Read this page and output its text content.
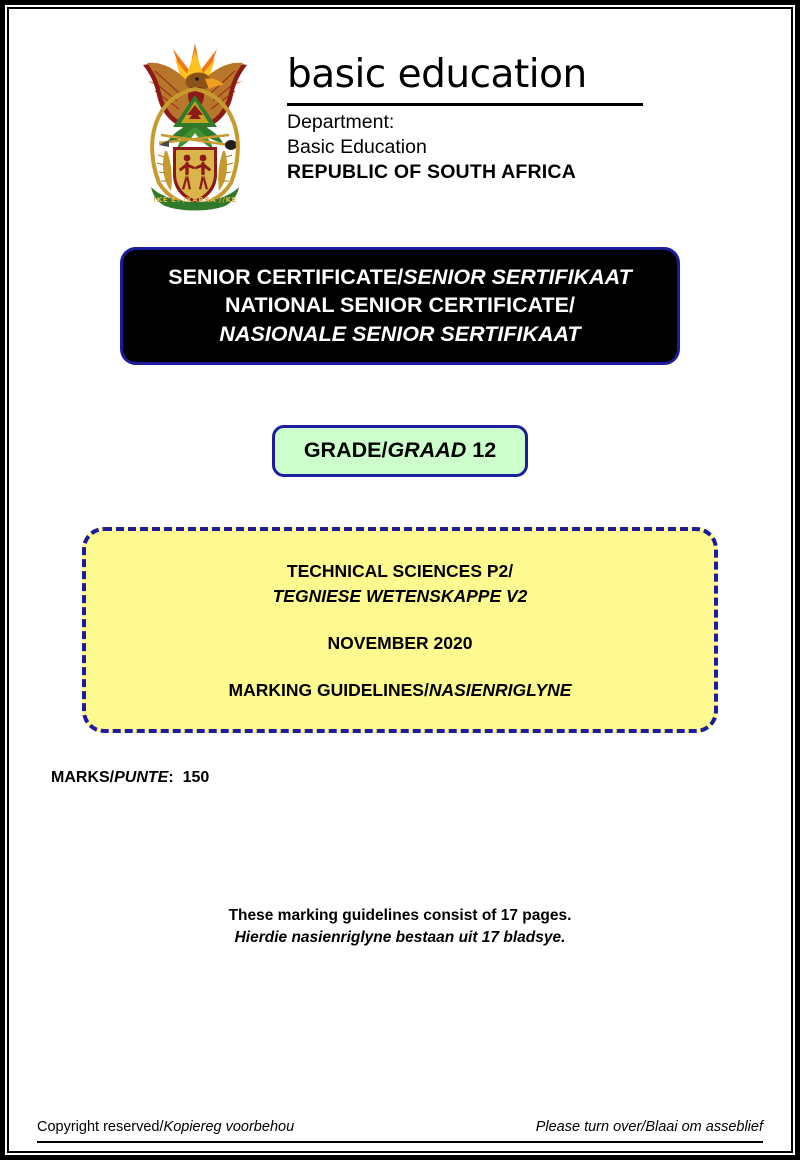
!KE E: /XARRA //KE
basic education
Department:
Basic Education
REPUBLIC OF SOUTH AFRICA
SENIOR CERTIFICATE/SENIOR SERTIFIKAAT
NATIONAL SENIOR CERTIFICATE/
NASIONALE SENIOR SERTIFIKAAT
GRADE/GRAAD 12
TECHNICAL SCIENCES P2/
TEGNIESE WETENSKAPPE V2
NOVEMBER 2020
MARKING GUIDELINES/NASIENRIGLYNE
MARKS/PUNTE: 150
These marking guidelines consist of 17 pages.
Hierdie nasienriglyne bestaan uit 17 bladsye.
Copyright reserved/Kopiereg voorbehou	Please turn over/Blaai om asseblief
